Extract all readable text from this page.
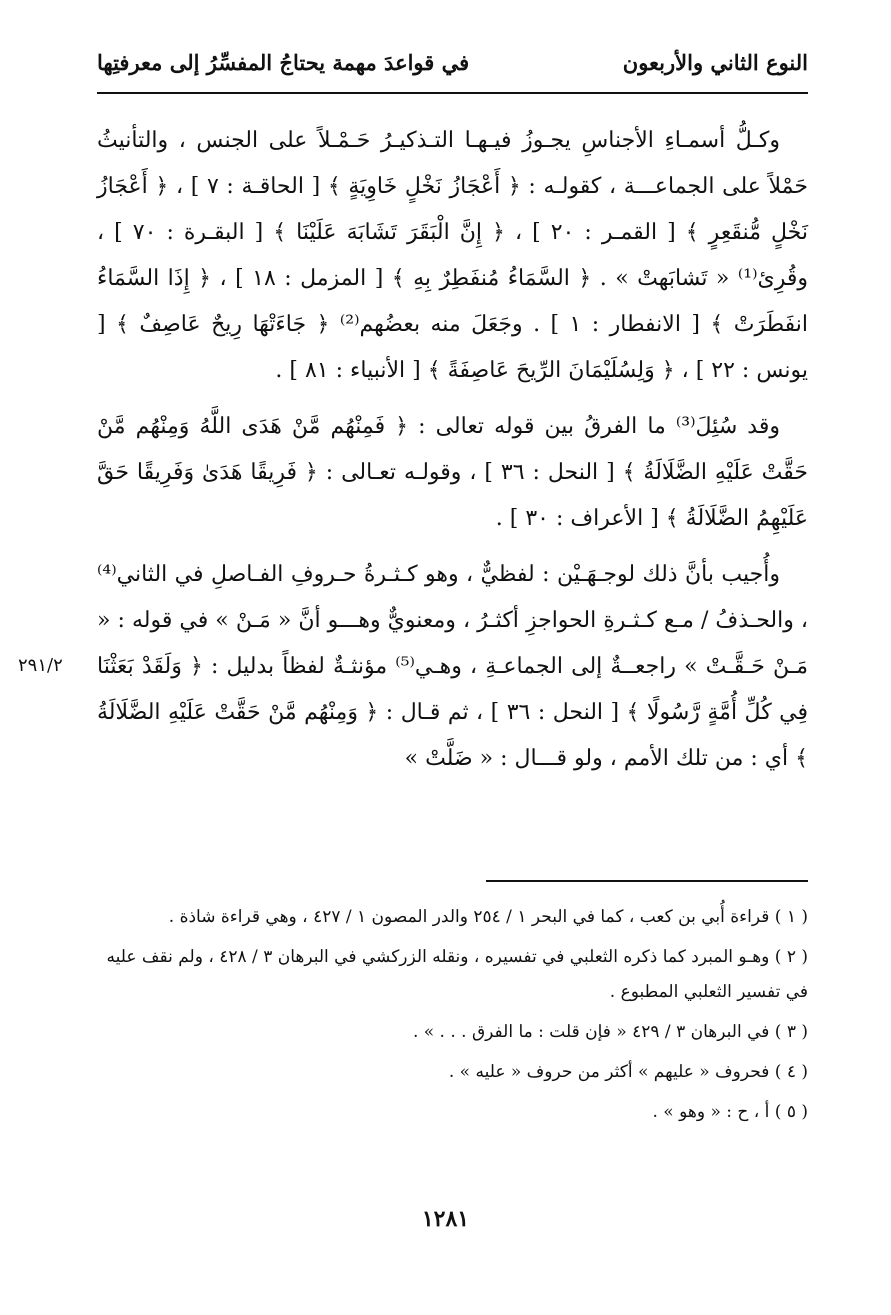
النوع الثاني والأربعون
في قواعدَ مهمة يحتاجُ المفسِّرُ إلى معرفتِها

وكـلُّ أسمـاءِ الأجناسِ يجـوزُ فيـهـا التـذكيـرُ حَـمْـلاً على الجنس ، والتأنيثُ حَمْلاً على الجماعـــة ، كقولـه : ﴿ أَعْجَازُ نَخْلٍ خَاوِيَةٍ ﴾ [ الحاقـة : ٧ ] ، ﴿ أَعْجَازُ نَخْلٍ مُّنقَعِرٍ ﴾ [ القمـر : ٢٠ ] ، ﴿ إِنَّ الْبَقَرَ تَشَابَهَ عَلَيْنَا ﴾ [ البقـرة : ٧٠ ] ، وقُرِئ⁽¹⁾ « تَشابَهتْ » . ﴿ السَّمَاءُ مُنفَطِرٌ بِهِ ﴾ [ المزمل : ١٨ ] ، ﴿ إِذَا السَّمَاءُ انفَطَرَتْ ﴾ [ الانفطار : ١ ] . وجَعَلَ منه بعضُهم⁽²⁾ ﴿ جَاءَتْهَا رِيحٌ عَاصِفٌ ﴾ [ يونس : ٢٢ ] ، ﴿ وَلِسُلَيْمَانَ الرِّيحَ عَاصِفَةً ﴾ [ الأنبياء : ٨١ ] .

وقد سُئِلَ⁽³⁾ ما الفرقُ بين قوله تعالى : ﴿ فَمِنْهُم مَّنْ هَدَى اللَّهُ وَمِنْهُم مَّنْ حَقَّتْ عَلَيْهِ الضَّلَالَةُ ﴾ [ النحل : ٣٦ ] ، وقولـه تعـالى : ﴿ فَرِيقًا هَدَىٰ وَفَرِيقًا حَقَّ عَلَيْهِمُ الضَّلَالَةُ ﴾ [ الأعراف : ٣٠ ] .

وأُجيب بأنَّ ذلك لوجـهَـيْن : لفظيٌّ ، وهو كـثـرةُ حـروفِ الفـاصلِ في الثاني⁽⁴⁾ ، والحـذفُ / مـع كـثـرةِ الحواجزِ أكثـرُ ، ومعنويٌّ وهـــو أنَّ « مَـنْ » في قوله : « مَـنْ حَـقَّـتْ » راجعــةٌ إلى الجماعـةِ ، وهـي⁽⁵⁾ مؤنثـةٌ لفظاً بدليل : ﴿ وَلَقَدْ بَعَثْنَا فِي كُلِّ أُمَّةٍ رَّسُولًا ﴾ [ النحل : ٣٦ ] ، ثم قـال : ﴿ وَمِنْهُم مَّنْ حَقَّتْ عَلَيْهِ الضَّلَالَةُ ﴾ أي : من تلك الأمم ، ولو قـــال : « ضَلَّتْ »

٢٩١/٢
( ١ ) قراءة أُبي بن كعب ، كما في البحر ١ / ٢٥٤ والدر المصون ١ / ٤٢٧ ، وهي قراءة شاذة .
( ٢ ) وهـو المبرد كما ذكره الثعلبي في تفسيره ، ونقله الزركشي في البرهان ٣ / ٤٢٨ ، ولم نقف عليه في تفسير الثعلبي المطبوع .
( ٣ ) في البرهان ٣ / ٤٢٩ « فإن قلت : ما الفرق . . . » .
( ٤ ) فحروف « عليهم » أكثر من حروف « عليه » .
( ٥ ) أ ، ح : « وهو » .
١٢٨١
